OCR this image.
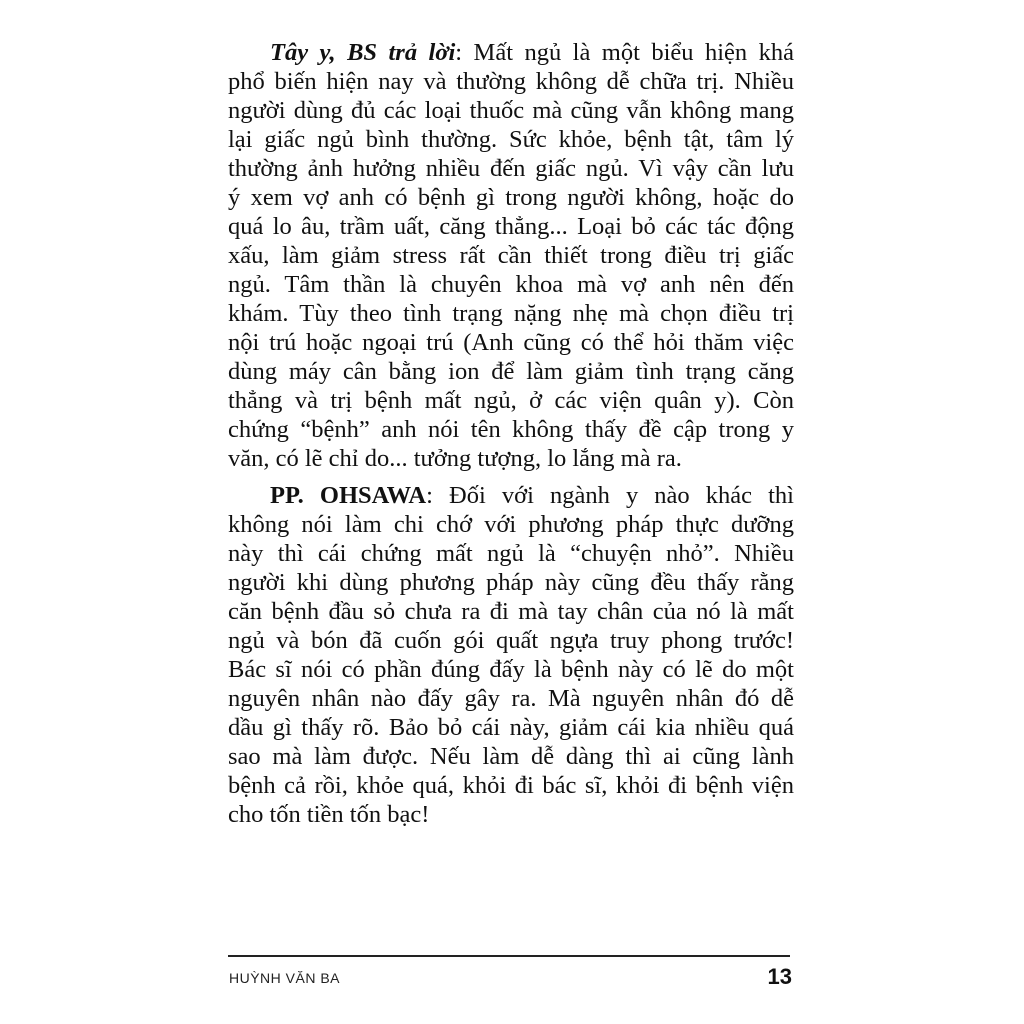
Tây y, BS trả lời: Mất ngủ là một biểu hiện khá
phổ biến hiện nay và thường không dễ chữa trị. Nhiều
người dùng đủ các loại thuốc mà cũng vẫn không mang
lại giấc ngủ bình thường. Sức khỏe, bệnh tật, tâm lý
thường ảnh hưởng nhiều đến giấc ngủ. Vì vậy cần lưu
ý xem vợ anh có bệnh gì trong người không, hoặc do
quá lo âu, trầm uất, căng thẳng... Loại bỏ các tác động
xấu, làm giảm stress rất cần thiết trong điều trị giấc
ngủ. Tâm thần là chuyên khoa mà vợ anh nên đến
khám. Tùy theo tình trạng nặng nhẹ mà chọn điều trị
nội trú hoặc ngoại trú (Anh cũng có thể hỏi thăm việc
dùng máy cân bằng ion để làm giảm tình trạng căng
thẳng và trị bệnh mất ngủ, ở các viện quân y). Còn
chứng “bệnh” anh nói tên không thấy đề cập trong y
văn, có lẽ chỉ do... tưởng tượng, lo lắng mà ra.
PP. OHSAWA: Đối với ngành y nào khác thì
không nói làm chi chớ với phương pháp thực dưỡng
này thì cái chứng mất ngủ là “chuyện nhỏ”. Nhiều
người khi dùng phương pháp này cũng đều thấy rằng
căn bệnh đầu sỏ chưa ra đi mà tay chân của nó là mất
ngủ và bón đã cuốn gói quất ngựa truy phong trước!
Bác sĩ nói có phần đúng đấy là bệnh này có lẽ do một
nguyên nhân nào đấy gây ra. Mà nguyên nhân đó dễ
dầu gì thấy rõ. Bảo bỏ cái này, giảm cái kia nhiều quá
sao mà làm được. Nếu làm dễ dàng thì ai cũng lành
bệnh cả rồi, khỏe quá, khỏi đi bác sĩ, khỏi đi bệnh viện
cho tốn tiền tốn bạc!
HUỲNH VĂN BA	13
